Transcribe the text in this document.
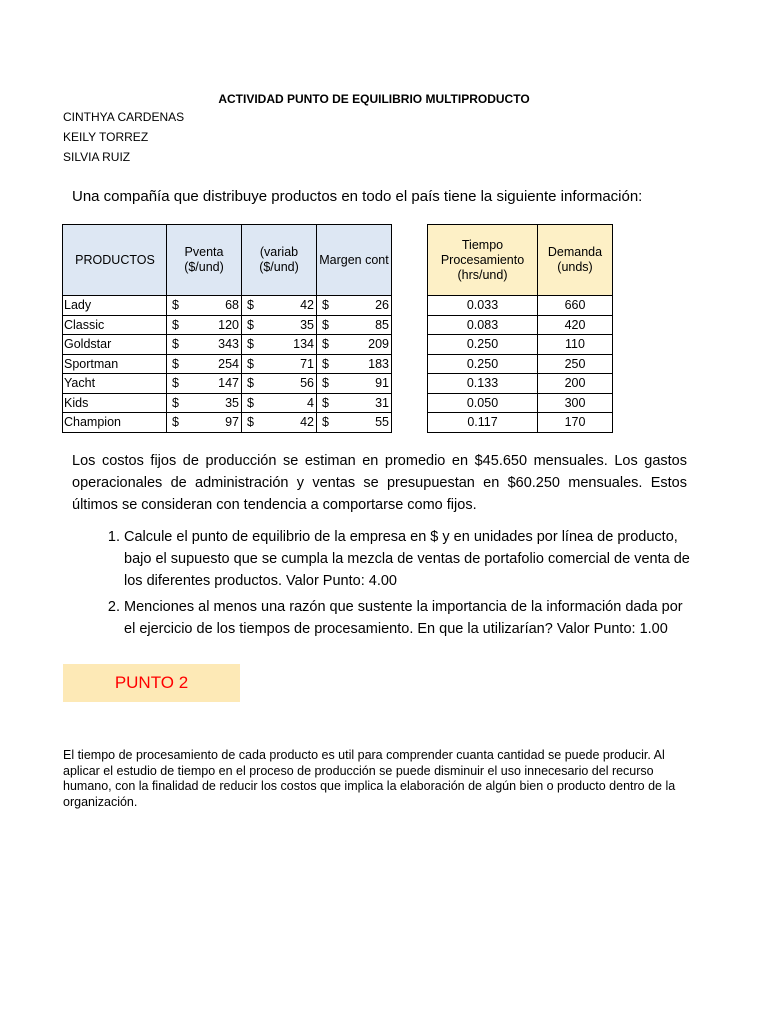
ACTIVIDAD PUNTO DE EQUILIBRIO MULTIPRODUCTO
CINTHYA CARDENAS
KEILY TORREZ
SILVIA RUIZ
Una compañía que distribuye productos en todo el país tiene la siguiente información:
PRODUCTOS	Pventa ($/und)	(variab ($/und)	Margen cont
Lady	$ 68	$ 42	$ 26

Classic	$ 120	$ 35	$ 85

Goldstar	$ 343	$ 134	$ 209

Sportman	$ 254	$ 71	$ 183

Yacht	$ 147	$ 56	$ 91

Kids	$ 35	$ 4	$ 31

Champion	$ 97	$ 42	$ 55
Tiempo Procesamiento (hrs/und)	Demanda (unds)
0.033	660
0.083	420
0.250	110
0.250	250
0.133	200
0.050	300
0.117	170
Los costos fijos de producción se estiman en promedio en $45.650 mensuales. Los gastos operacionales de administración y ventas se presupuestan en $60.250 mensuales. Estos últimos se consideran con tendencia a comportarse como fijos.
1. Calcule el punto de equilibrio de la empresa en $ y en unidades por línea de producto, bajo el supuesto que se cumpla la mezcla de ventas de portafolio comercial de venta de los diferentes productos. Valor Punto: 4.00
2. Menciones al menos una razón que sustente la importancia de la información dada por el ejercicio de los tiempos de procesamiento. En que la utilizarían? Valor Punto: 1.00
PUNTO 2
El tiempo de procesamiento de cada producto es util para comprender cuanta cantidad se puede producir. Al aplicar el estudio de tiempo en el proceso de producción se puede disminuir el uso innecesario del recurso humano, con la finalidad de reducir los costos que implica la elaboración de algún bien o producto dentro de la organización.
